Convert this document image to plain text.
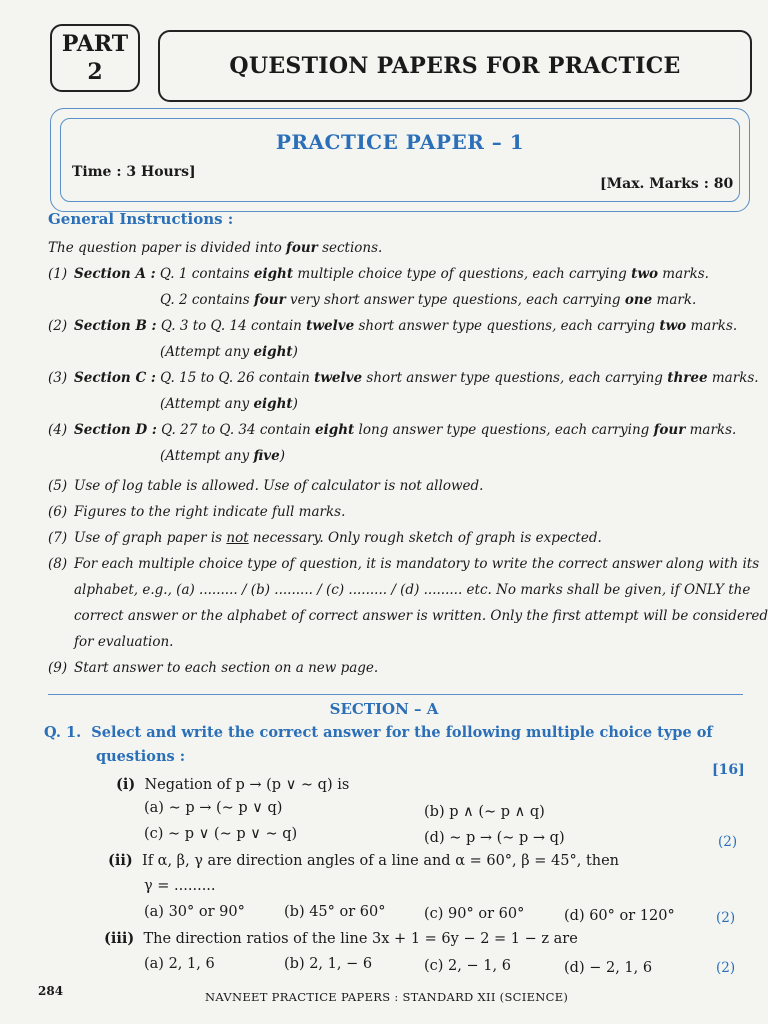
PART
2	QUESTION PAPERS FOR PRACTICE
PRACTICE PAPER – 1
Time : 3 Hours]
[Max. Marks : 80
General Instructions :
The question paper is divided into four sections.
(1) Section A : Q. 1 contains eight multiple choice type of questions, each carrying two marks.
Q. 2 contains four very short answer type questions, each carrying one mark.
(2) Section B : Q. 3 to Q. 14 contain twelve short answer type questions, each carrying two marks.
(Attempt any eight)
(3) Section C : Q. 15 to Q. 26 contain twelve short answer type questions, each carrying three marks.
(Attempt any eight)
(4) Section D : Q. 27 to Q. 34 contain eight long answer type questions, each carrying four marks.
(Attempt any five)
(5) Use of log table is allowed. Use of calculator is not allowed.
(6) Figures to the right indicate full marks.
(7) Use of graph paper is not necessary. Only rough sketch of graph is expected.
(8) For each multiple choice type of question, it is mandatory to write the correct answer along with its
alphabet, e.g., (a) ......... / (b) ......... / (c) ......... / (d) ......... etc. No marks shall be given, if ONLY the
correct answer or the alphabet of correct answer is written. Only the first attempt will be considered
for evaluation.
(9) Start answer to each section on a new page.
SECTION – A
Q. 1. Select and write the correct answer for the following multiple choice type of
questions :
[16]
(i) Negation of p → (p ∨ ∼ q) is
(a) ∼ p → (∼ p ∨ q)	(b) p ∧ (∼ p ∧ q)
(c) ∼ p ∨ (∼ p ∨ ∼ q)	(d) ∼ p → (∼ p → q)	(2)
(ii) If α, β, γ are direction angles of a line and α = 60°, β = 45°, then
γ = .........
(a) 30° or 90°	(b) 45° or 60°	(c) 90° or 60°	(d) 60° or 120°	(2)
(iii) The direction ratios of the line 3x + 1 = 6y − 2 = 1 − z are
(a) 2, 1, 6	(b) 2, 1, − 6	(c) 2, − 1, 6	(d) − 2, 1, 6	(2)
284	NAVNEET PRACTICE PAPERS : STANDARD XII (SCIENCE)
